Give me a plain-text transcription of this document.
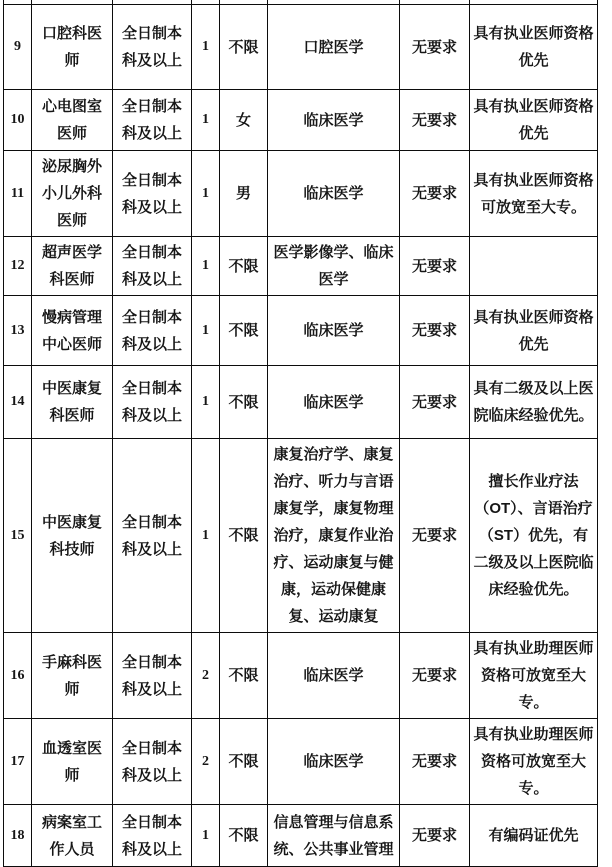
9	口腔科医师	全日制本科及以上	1	不限	口腔医学	无要求	具有执业医师资格优先
10	心电图室医师	全日制本科及以上	1	女	临床医学	无要求	具有执业医师资格优先
11	泌尿胸外小儿外科医师	全日制本科及以上	1	男	临床医学	无要求	具有执业医师资格可放宽至大专。
12	超声医学科医师	全日制本科及以上	1	不限	医学影像学、临床医学	无要求	
13	慢病管理中心医师	全日制本科及以上	1	不限	临床医学	无要求	具有执业医师资格优先
14	中医康复科医师	全日制本科及以上	1	不限	临床医学	无要求	具有二级及以上医院临床经验优先。
15	中医康复科技师	全日制本科及以上	1	不限	康复治疗学、康复治疗、听力与言语康复学，康复物理治疗，康复作业治疗、运动康复与健康，运动保健康复、运动康复	无要求	擅长作业疗法（OT）、言语治疗（ST）优先，有二级及以上医院临床经验优先。
16	手麻科医师	全日制本科及以上	2	不限	临床医学	无要求	具有执业助理医师资格可放宽至大专。
17	血透室医师	全日制本科及以上	2	不限	临床医学	无要求	具有执业助理医师资格可放宽至大专。
18	病案室工作人员	全日制本科及以上	1	不限	信息管理与信息系统、公共事业管理	无要求	有编码证优先
